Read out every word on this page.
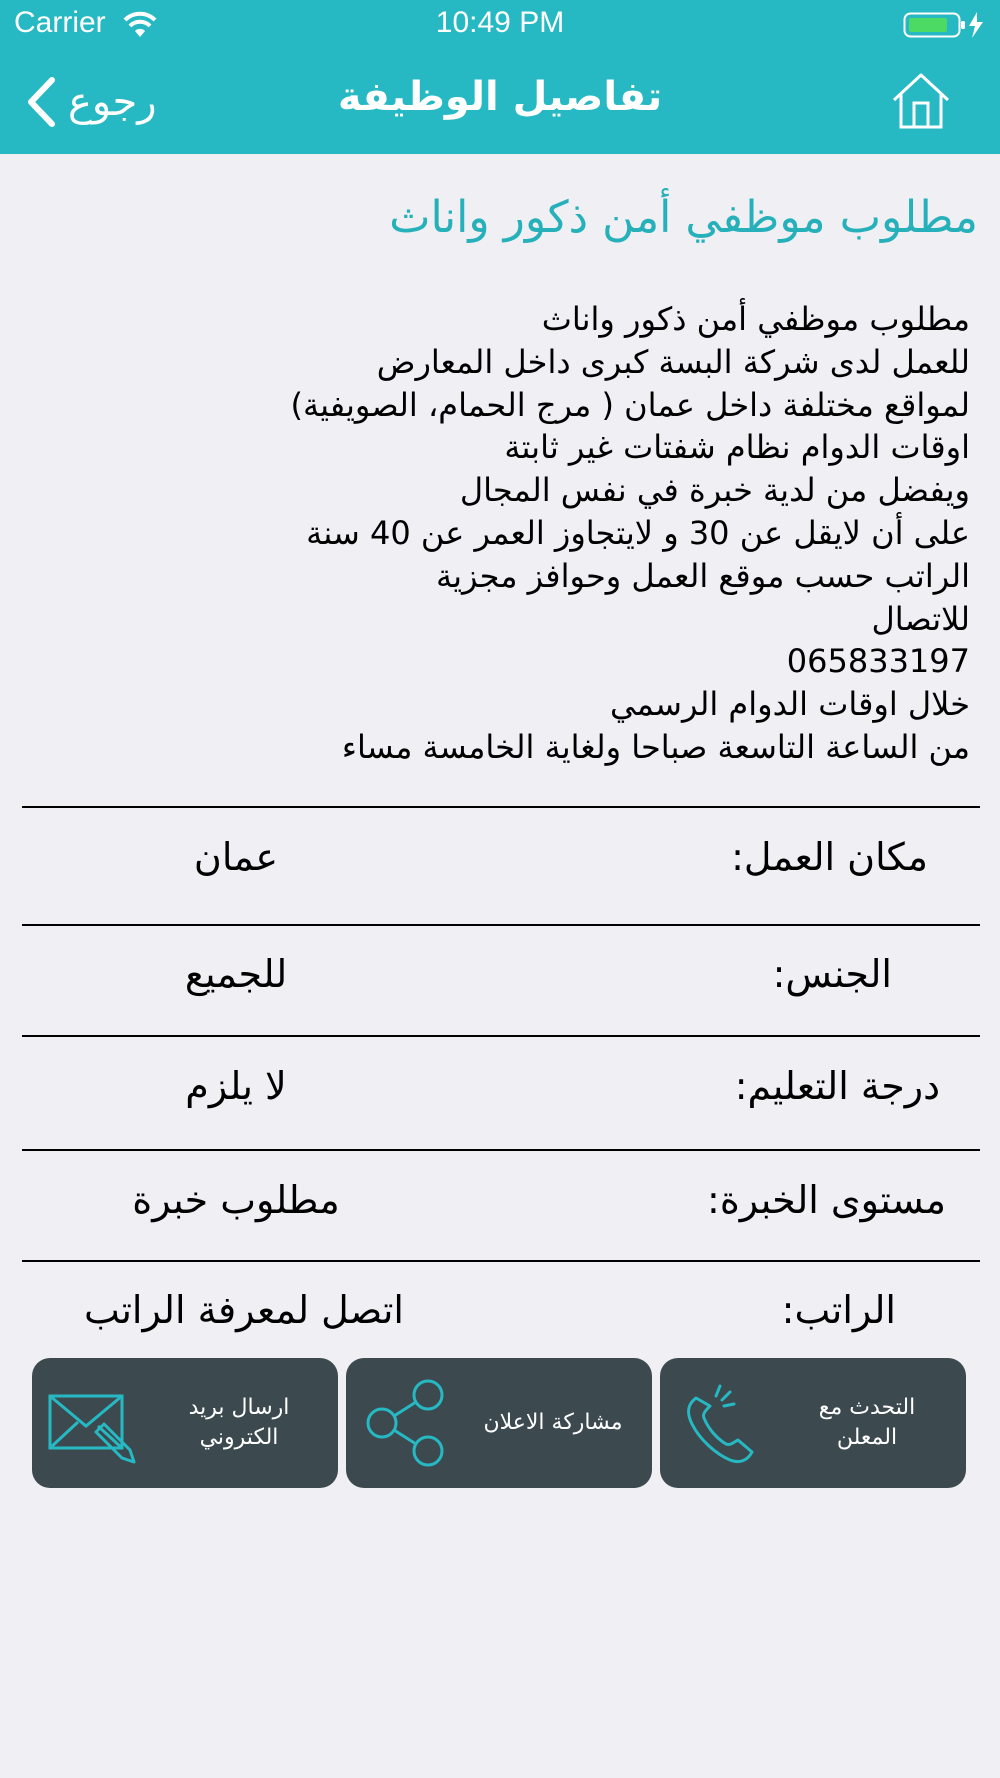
Carrier	10:49 PM
رجوع	تفاصيل الوظيفة
مطلوب موظفي أمن ذكور واناث

مطلوب موظفي أمن ذكور واناث
للعمل لدى شركة البسة كبرى داخل المعارض
لمواقع مختلفة داخل عمان ( مرج الحمام، الصويفية)
اوقات الدوام نظام شفتات غير ثابتة
ويفضل من لدية خبرة في نفس المجال
على أن لايقل عن 30 و لايتجاوز العمر عن 40 سنة
الراتب حسب موقع العمل وحوافز مجزية
للاتصال
065833197
خلال اوقات الدوام الرسمي
من الساعة التاسعة صباحا ولغاية الخامسة مساء

مكان العمل:
عمان
الجنس:
للجميع
درجة التعليم:
لا يلزم
مستوى الخبرة:
مطلوب خبرة
الراتب:
اتصل لمعرفة الراتب
ارسال بريد الكتروني
مشاركة الاعلان
التحدث مع المعلن
